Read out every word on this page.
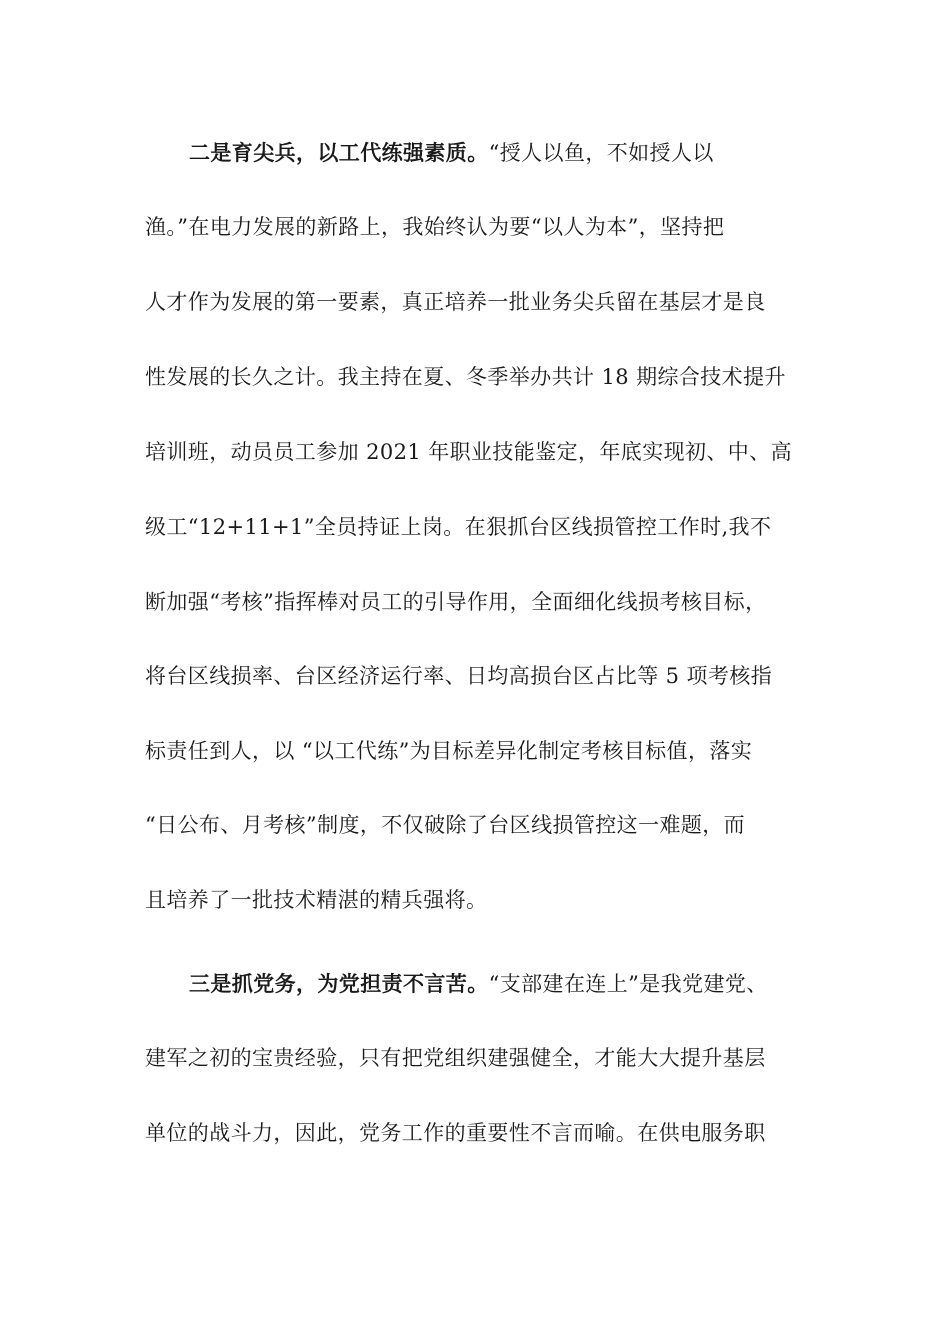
二是育尖兵，以工代练强素质。“授人以鱼，不如授人以
渔。”在电力发展的新路上，我始终认为要“以人为本”，坚持把
人才作为发展的第一要素，真正培养一批业务尖兵留在基层才是良
性发展的长久之计。我主持在夏、冬季举办共计 18 期综合技术提升
培训班，动员员工参加 2021 年职业技能鉴定，年底实现初、中、高
级工“12+11+1”全员持证上岗。在狠抓台区线损管控工作时,我不
断加强“考核”指挥棒对员工的引导作用，全面细化线损考核目标，
将台区线损率、台区经济运行率、日均高损台区占比等 5 项考核指
标责任到人，以 “以工代练”为目标差异化制定考核目标值，落实
“日公布、月考核”制度，不仅破除了台区线损管控这一难题，而
且培养了一批技术精湛的精兵强将。
三是抓党务，为党担责不言苦。“支部建在连上”是我党建党、
建军之初的宝贵经验，只有把党组织建强健全，才能大大提升基层
单位的战斗力，因此，党务工作的重要性不言而喻。在供电服务职
